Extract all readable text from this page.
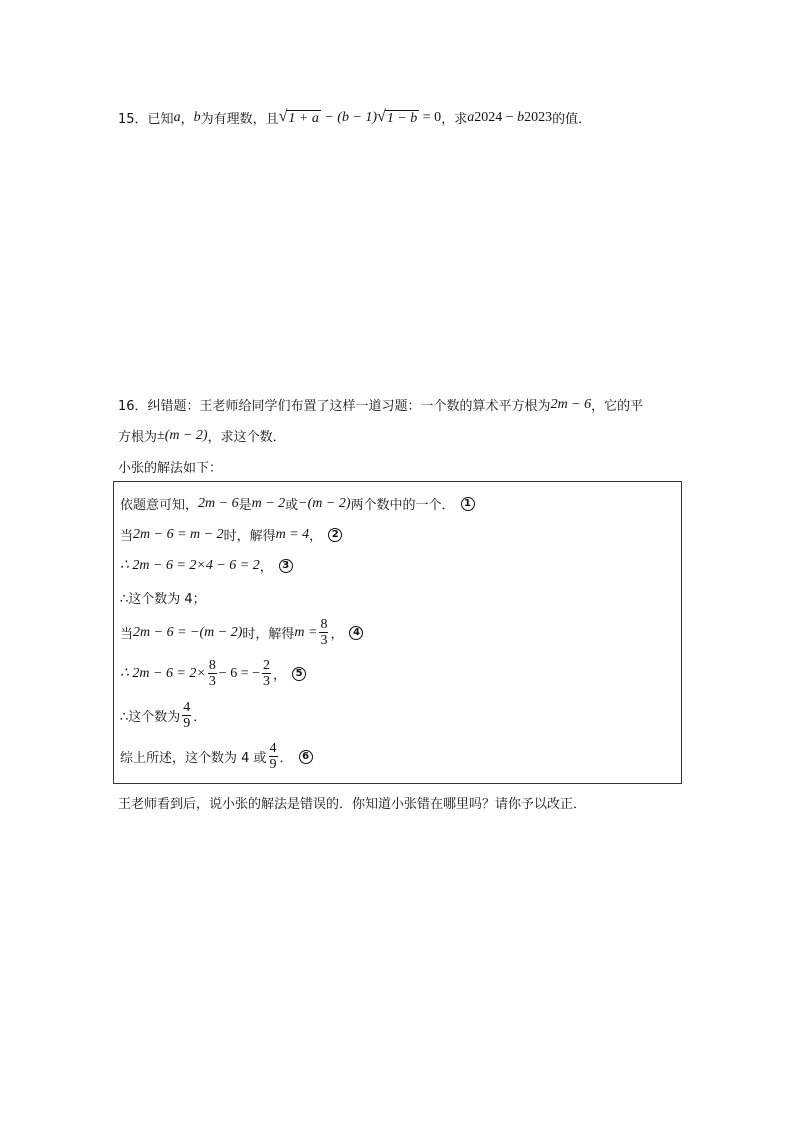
15． 已知 a ， b 为有理数，且 √ 1 + a − (b − 1) √ 1 − b = 0 ，求 a 2024 − b 2023 的值．
16． 纠错题：王老师给同学们布置了这样一道习题：一个数的算术平方根为 2m − 6 ，它的平
方根为 ±(m − 2) ，求这个数．
小张的解法如下：
依题意可知， 2m − 6 是 m − 2 或 −(m − 2) 两个数中的一个． 1
当 2m − 6 = m − 2 时，解得 m = 4 ， 2
∴ 2m − 6 = 2×4 − 6 = 2 ， 3
∴这个数为 4；
当 2m − 6 = −(m − 2) 时，解得 $m = \frac{8}{3}$ ， 4
∴ $2m - 6 = 2\times \frac{8}{3} - 6$ = − $\frac{2}{3}$ ， 5
∴这个数为 $\frac{4}{9}$ ．
综上所述，这个数为 4 或 $\frac{4}{9}$ ． 6
王老师看到后，说小张的解法是错误的．你知道小张错在哪里吗？请你予以改正．
